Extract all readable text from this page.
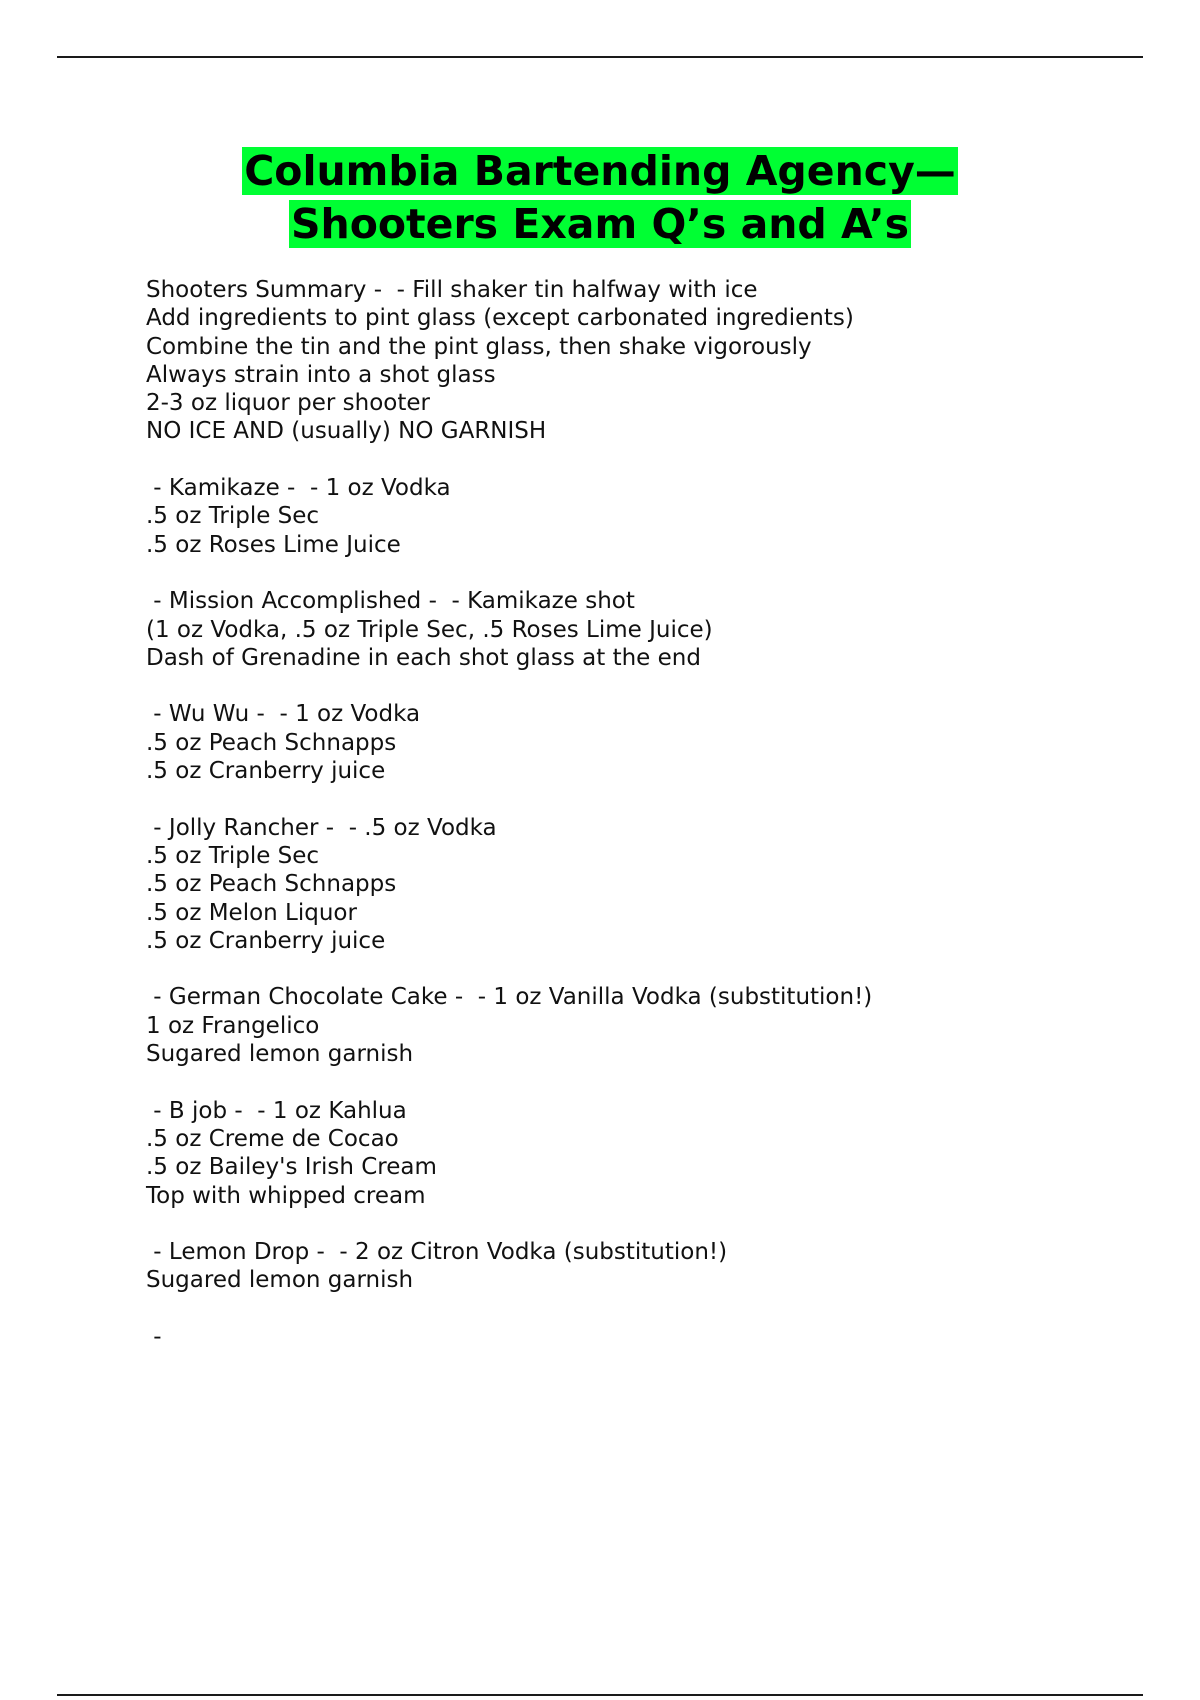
Columbia Bartending Agency—
Shooters Exam Q’s and A’s
Shooters Summary -  - Fill shaker tin halfway with ice
Add ingredients to pint glass (except carbonated ingredients)
Combine the tin and the pint glass, then shake vigorously
Always strain into a shot glass
2-3 oz liquor per shooter
NO ICE AND (usually) NO GARNISH
- Kamikaze -  - 1 oz Vodka
.5 oz Triple Sec
.5 oz Roses Lime Juice
- Mission Accomplished -  - Kamikaze shot
(1 oz Vodka, .5 oz Triple Sec, .5 Roses Lime Juice)
Dash of Grenadine in each shot glass at the end
- Wu Wu -  - 1 oz Vodka
.5 oz Peach Schnapps
.5 oz Cranberry juice
- Jolly Rancher -  - .5 oz Vodka
.5 oz Triple Sec
.5 oz Peach Schnapps
.5 oz Melon Liquor
.5 oz Cranberry juice
- German Chocolate Cake -  - 1 oz Vanilla Vodka (substitution!)
1 oz Frangelico
Sugared lemon garnish
- B job -  - 1 oz Kahlua
.5 oz Creme de Cocao
.5 oz Bailey's Irish Cream
Top with whipped cream
- Lemon Drop -  - 2 oz Citron Vodka (substitution!)
Sugared lemon garnish
-
